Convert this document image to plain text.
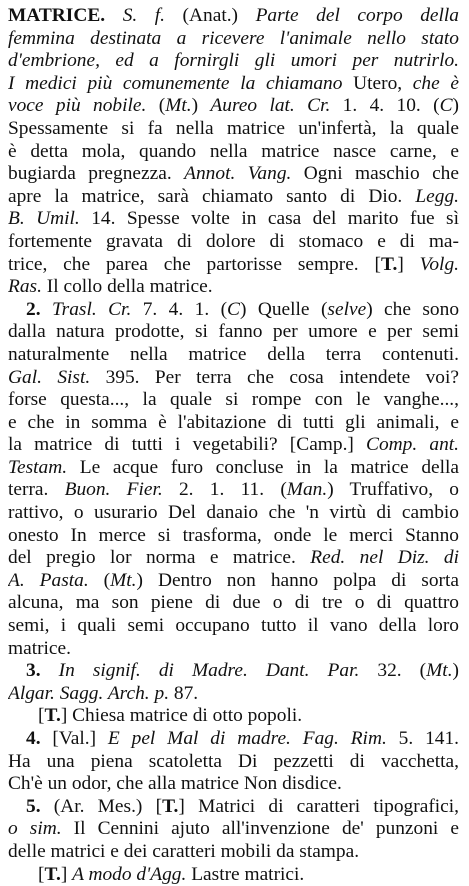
MATRICE. S. f. (Anat.) Parte del corpo della
femmina destinata a ricevere l'animale nello stato
d'embrione, ed a fornirgli gli umori per nutrirlo.
I medici più comunemente la chiamano Utero, che è
voce più nobile. (Mt.) Aureo lat. Cr. 1. 4. 10. (C)
Spessamente si fa nella matrice un'infertà, la quale
è detta mola, quando nella matrice nasce carne, e
bugiarda pregnezza. Annot. Vang. Ogni maschio che
apre la matrice, sarà chiamato santo di Dio. Legg.
B. Umil. 14. Spesse volte in casa del marito fue sì
fortemente gravata di dolore di stomaco e di ma-
trice, che parea che partorisse sempre. [T.] Volg.
Ras. Il collo della matrice.
2. Trasl. Cr. 7. 4. 1. (C) Quelle (selve) che sono
dalla natura prodotte, si fanno per umore e per semi
naturalmente nella matrice della terra contenuti.
Gal. Sist. 395. Per terra che cosa intendete voi?
forse questa..., la quale si rompe con le vanghe...,
e che in somma è l'abitazione di tutti gli animali, e
la matrice di tutti i vegetabili? [Camp.] Comp. ant.
Testam. Le acque furo concluse in la matrice della
terra. Buon. Fier. 2. 1. 11. (Man.) Truffativo, o
rattivo, o usurario Del danaio che 'n virtù di cambio
onesto In merce si trasforma, onde le merci Stanno
del pregio lor norma e matrice. Red. nel Diz. di
A. Pasta. (Mt.) Dentro non hanno polpa di sorta
alcuna, ma son piene di due o di tre o di quattro
semi, i quali semi occupano tutto il vano della loro
matrice.
3. In signif. di Madre. Dant. Par. 32. (Mt.)
Algar. Sagg. Arch. p. 87.
[T.] Chiesa matrice di otto popoli.
4. [Val.] E pel Mal di madre. Fag. Rim. 5. 141.
Ha una piena scatoletta Di pezzetti di vacchetta,
Ch'è un odor, che alla matrice Non disdice.
5. (Ar. Mes.) [T.] Matrici di caratteri tipografici,
o sim. Il Cennini ajuto all'invenzione de' punzoni e
delle matrici e dei caratteri mobili da stampa.
[T.] A modo d'Agg. Lastre matrici.
